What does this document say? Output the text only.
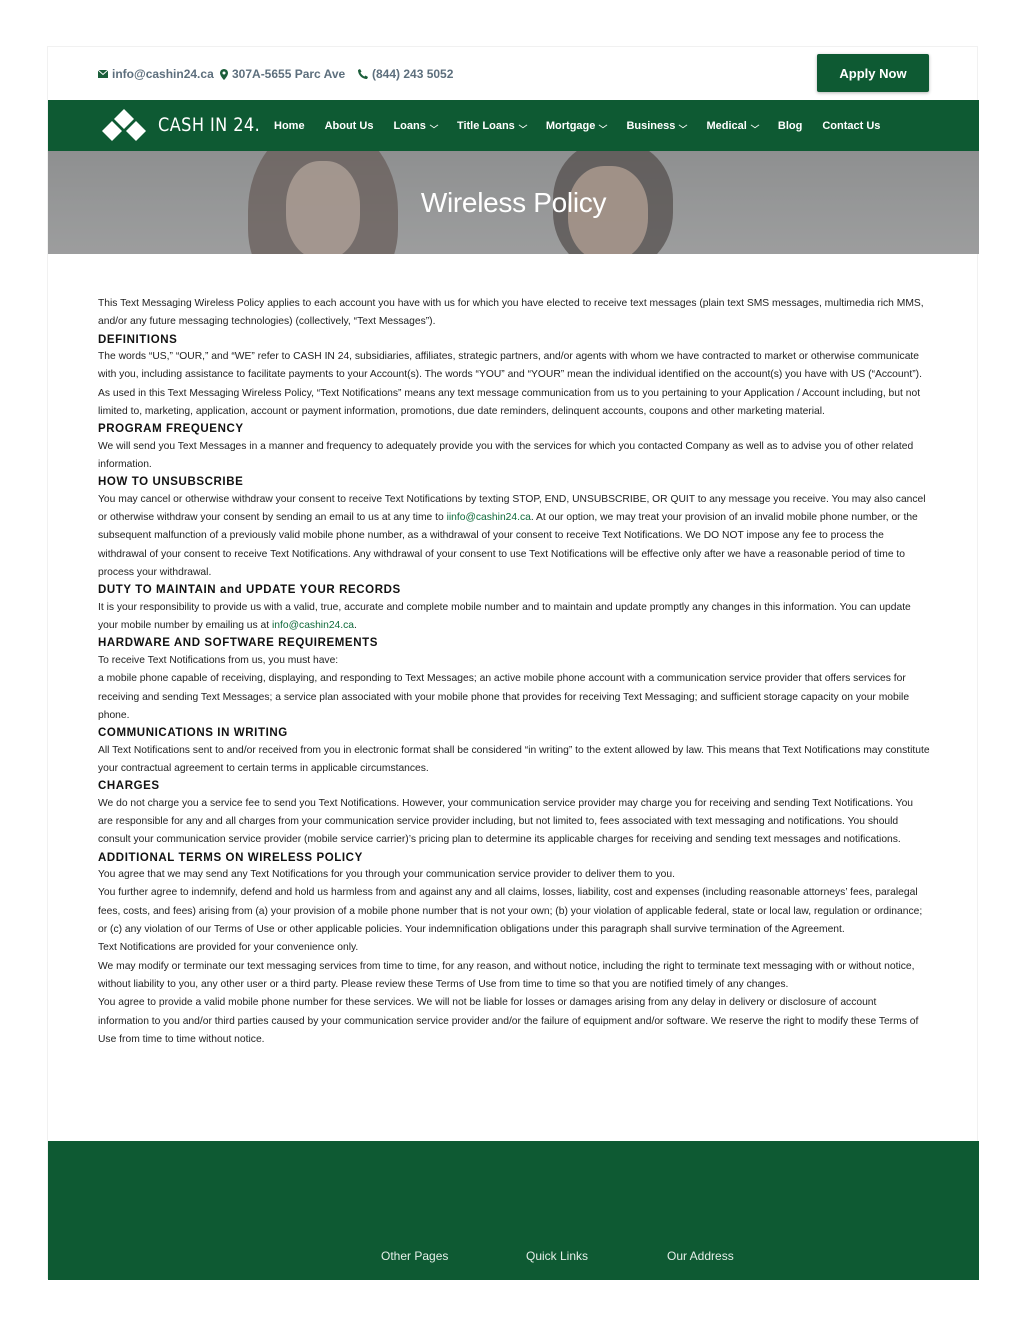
info@cashin24.ca 307A-5655 Parc Ave (844) 243 5052	Apply Now
CASH IN 24. Home About Us Loans ⌵ Title Loans ⌵ Mortgage ⌵ Business ⌵ Medical ⌵ Blog Contact Us
Wireless Policy

This Text Messaging Wireless Policy applies to each account you have with us for which you have elected to receive text messages (plain text SMS messages, multimedia rich MMS, and/or any future messaging technologies) (collectively, “Text Messages”).

DEFINITIONS

The words “US,” “OUR,” and “WE” refer to CASH IN 24, subsidiaries, affiliates, strategic partners, and/or agents with whom we have contracted to market or otherwise communicate with you, including assistance to facilitate payments to your Account(s). The words “YOU” and “YOUR” mean the individual identified on the account(s) you have with US (“Account”). As used in this Text Messaging Wireless Policy, “Text Notifications” means any text message communication from us to you pertaining to your Application / Account including, but not limited to, marketing, application, account or payment information, promotions, due date reminders, delinquent accounts, coupons and other marketing material.

PROGRAM FREQUENCY

We will send you Text Messages in a manner and frequency to adequately provide you with the services for which you contacted Company as well as to advise you of other related information.

HOW TO UNSUBSCRIBE

You may cancel or otherwise withdraw your consent to receive Text Notifications by texting STOP, END, UNSUBSCRIBE, OR QUIT to any message you receive. You may also cancel or otherwise withdraw your consent by sending an email to us at any time to iinfo@cashin24.ca. At our option, we may treat your provision of an invalid mobile phone number, or the subsequent malfunction of a previously valid mobile phone number, as a withdrawal of your consent to receive Text Notifications. We DO NOT impose any fee to process the withdrawal of your consent to receive Text Notifications. Any withdrawal of your consent to use Text Notifications will be effective only after we have a reasonable period of time to process your withdrawal.

DUTY TO MAINTAIN and UPDATE YOUR RECORDS

It is your responsibility to provide us with a valid, true, accurate and complete mobile number and to maintain and update promptly any changes in this information. You can update your mobile number by emailing us at info@cashin24.ca.

HARDWARE AND SOFTWARE REQUIREMENTS

To receive Text Notifications from us, you must have:

a mobile phone capable of receiving, displaying, and responding to Text Messages; an active mobile phone account with a communication service provider that offers services for receiving and sending Text Messages; a service plan associated with your mobile phone that provides for receiving Text Messaging; and sufficient storage capacity on your mobile phone.

COMMUNICATIONS IN WRITING

All Text Notifications sent to and/or received from you in electronic format shall be considered “in writing” to the extent allowed by law. This means that Text Notifications may constitute your contractual agreement to certain terms in applicable circumstances.

CHARGES

We do not charge you a service fee to send you Text Notifications. However, your communication service provider may charge you for receiving and sending Text Notifications. You are responsible for any and all charges from your communication service provider including, but not limited to, fees associated with text messaging and notifications. You should consult your communication service provider (mobile service carrier)’s pricing plan to determine its applicable charges for receiving and sending text messages and notifications.

ADDITIONAL TERMS ON WIRELESS POLICY

You agree that we may send any Text Notifications for you through your communication service provider to deliver them to you.

You further agree to indemnify, defend and hold us harmless from and against any and all claims, losses, liability, cost and expenses (including reasonable attorneys’ fees, paralegal fees, costs, and fees) arising from (a) your provision of a mobile phone number that is not your own; (b) your violation of applicable federal, state or local law, regulation or ordinance; or (c) any violation of our Terms of Use or other applicable policies. Your indemnification obligations under this paragraph shall survive termination of the Agreement.

Text Notifications are provided for your convenience only.

We may modify or terminate our text messaging services from time to time, for any reason, and without notice, including the right to terminate text messaging with or without notice, without liability to you, any other user or a third party. Please review these Terms of Use from time to time so that you are notified timely of any changes.

You agree to provide a valid mobile phone number for these services. We will not be liable for losses or damages arising from any delay in delivery or disclosure of account information to you and/or third parties caused by your communication service provider and/or the failure of equipment and/or software. We reserve the right to modify these Terms of Use from time to time without notice.

Other Pages	Quick Links	Our Address
